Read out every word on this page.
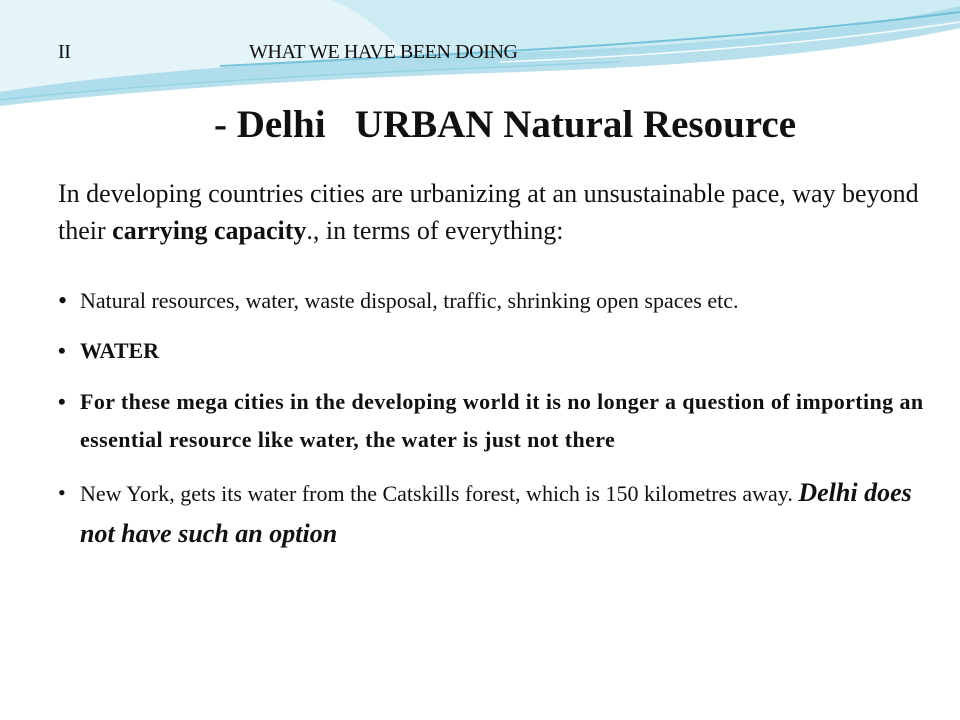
II	WHAT WE HAVE BEEN DOING
- Delhi   URBAN Natural Resource
In developing countries cities are urbanizing at an unsustainable pace, way beyond their carrying capacity., in terms of everything:
• Natural resources, water, waste disposal, traffic, shrinking open spaces etc.
• WATER
• For these mega cities in the developing world it is no longer a question of importing an essential resource like water, the water is just not there
• New York, gets its water from the Catskills forest, which is 150 kilometres away. Delhi does not have such an option
